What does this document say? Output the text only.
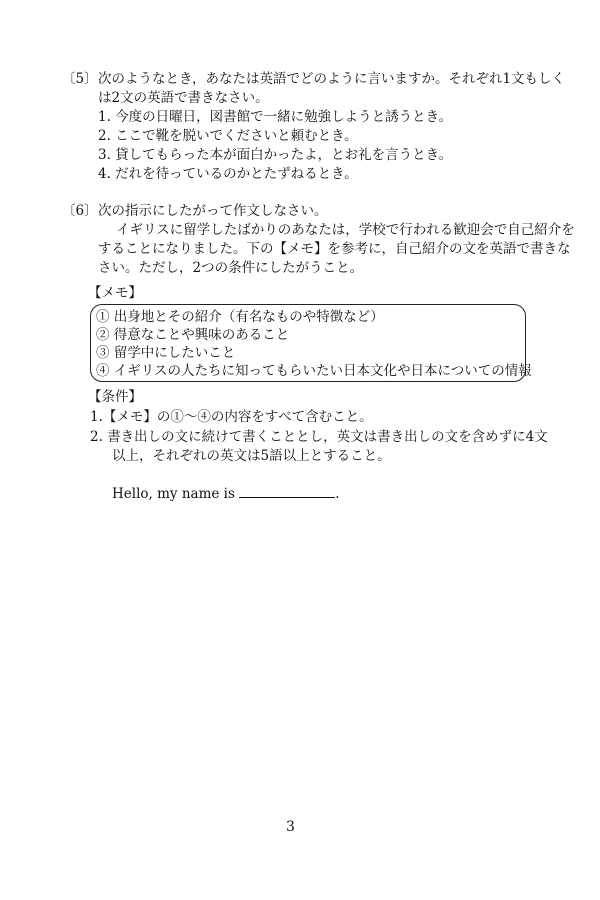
〔5〕 次のようなとき，あなたは英語でどのように言いますか。それぞれ1文もしく
は2文の英語で書きなさい。
1. 今度の日曜日，図書館で一緒に勉強しようと誘うとき。
2. ここで靴を脱いでくださいと頼むとき。
3. 貸してもらった本が面白かったよ，とお礼を言うとき。
4. だれを待っているのかとたずねるとき。
〔6〕 次の指示にしたがって作文しなさい。
イギリスに留学したばかりのあなたは，学校で行われる歓迎会で自己紹介を
することになりました。下の【メモ】を参考に，自己紹介の文を英語で書きな
さい。ただし，2つの条件にしたがうこと。
【メモ】
① 出身地とその紹介（有名なものや特徴など）
② 得意なことや興味のあること
③ 留学中にしたいこと
④ イギリスの人たちに知ってもらいたい日本文化や日本についての情報
【条件】
1.【メモ】の①～④の内容をすべて含むこと。
2. 書き出しの文に続けて書くこととし，英文は書き出しの文を含めずに4文
以上，それぞれの英文は5語以上とすること。
Hello, my name is	.
3
